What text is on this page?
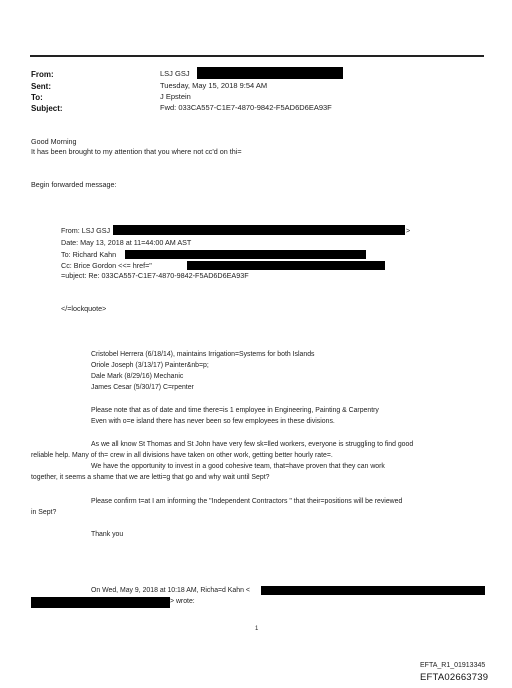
From:
Sent:
To:
Subject:
LSJ GSJ
Tuesday, May 15, 2018 9:54 AM
J Epstein
Fwd: 033CA557-C1E7-4870-9842-F5AD6D6EA93F
Good Morning
It has been brought to my attention that you where not cc'd on thi=
Begin forwarded message:
From: LSJ GSJ	>
Date: May 13, 2018 at 11=44:00 AM AST
To: Richard Kahn
Cc: Brice Gordon <<= href="
=ubject: Re: 033CA557-C1E7-4870-9842-F5AD6D6EA93F
</=lockquote>
Cristobel Herrera (6/18/14), maintains Irrigation=Systems for both Islands
Oriole Joseph (3/13/17) Painter&nb=p;
Dale Mark (8/29/16) Mechanic
James Cesar (5/30/17) C=rpenter
Please note that as of date and time there=is 1 employee in Engineering, Painting & Carpentry
Even with o=e island there has never been so few employees in these divisions.
As we all know St Thomas and St John have very few sk=lled workers, everyone is struggling to find good
reliable help. Many of th= crew in all divisions have taken on other work, getting better hourly rate=.
We have the opportunity to invest in a good cohesive team, that=have proven that they can work
together, it seems a shame that we are letti=g that go and why wait until Sept?
Please confirm t=at I am informing the "Independent Contractors " that their=positions will be reviewed
in Sept?
Thank you
On Wed, May 9, 2018 at 10:18 AM, Richa=d Kahn <
> wrote:
1
EFTA_R1_01913345
EFTA02663739
